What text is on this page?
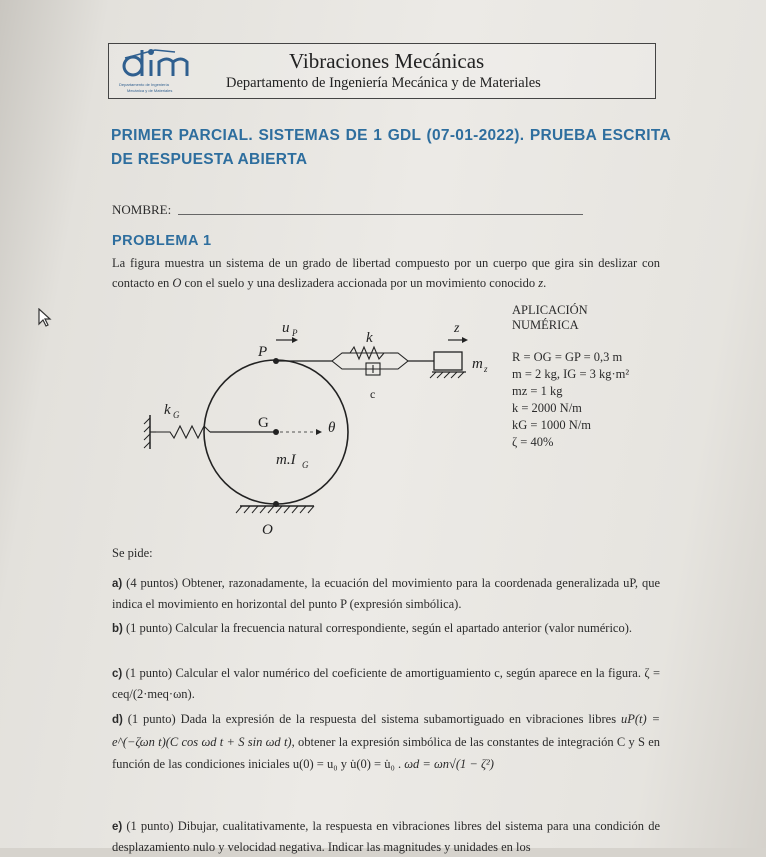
Departamento de Ingeniería
Mecánica y de Materiales
Vibraciones Mecánicas
Departamento de Ingeniería Mecánica y de Materiales
PRIMER PARCIAL. SISTEMAS DE 1 GDL (07-01-2022). PRUEBA ESCRITA DE RESPUESTA ABIERTA
NOMBRE:
PROBLEMA 1
La figura muestra un sistema de un grado de libertad compuesto por un cuerpo que gira sin deslizar con contacto en O con el suelo y una deslizadera accionada por un movimiento conocido z.
u P
P
k
z
m z
c
k G	G	θ
m.I G
O
APLICACIÓN
NUMÉRICA
R = OG = GP = 0,3 m
m = 2 kg, IG = 3 kg·m²
mz = 1 kg
k = 2000 N/m
kG = 1000 N/m
ζ = 40%
Se pide:
a) (4 puntos) Obtener, razonadamente, la ecuación del movimiento para la coordenada generalizada uP, que indica el movimiento en horizontal del punto P (expresión simbólica).
b) (1 punto) Calcular la frecuencia natural correspondiente, según el apartado anterior (valor numérico).
c) (1 punto) Calcular el valor numérico del coeficiente de amortiguamiento c, según aparece en la figura. ζ = ceq/(2·meq·ωn).
d) (1 punto) Dada la expresión de la respuesta del sistema subamortiguado en vibraciones libres uP(t) = e^(−ζωn t)(C cos ωd t + S sin ωd t), obtener la expresión simbólica de las constantes de integración C y S en función de las condiciones iniciales u(0) = u₀ y u̇(0) = u̇₀ . ωd = ωn√(1 − ζ²)
e) (1 punto) Dibujar, cualitativamente, la respuesta en vibraciones libres del sistema para una condición de desplazamiento nulo y velocidad negativa. Indicar las magnitudes y unidades en los
